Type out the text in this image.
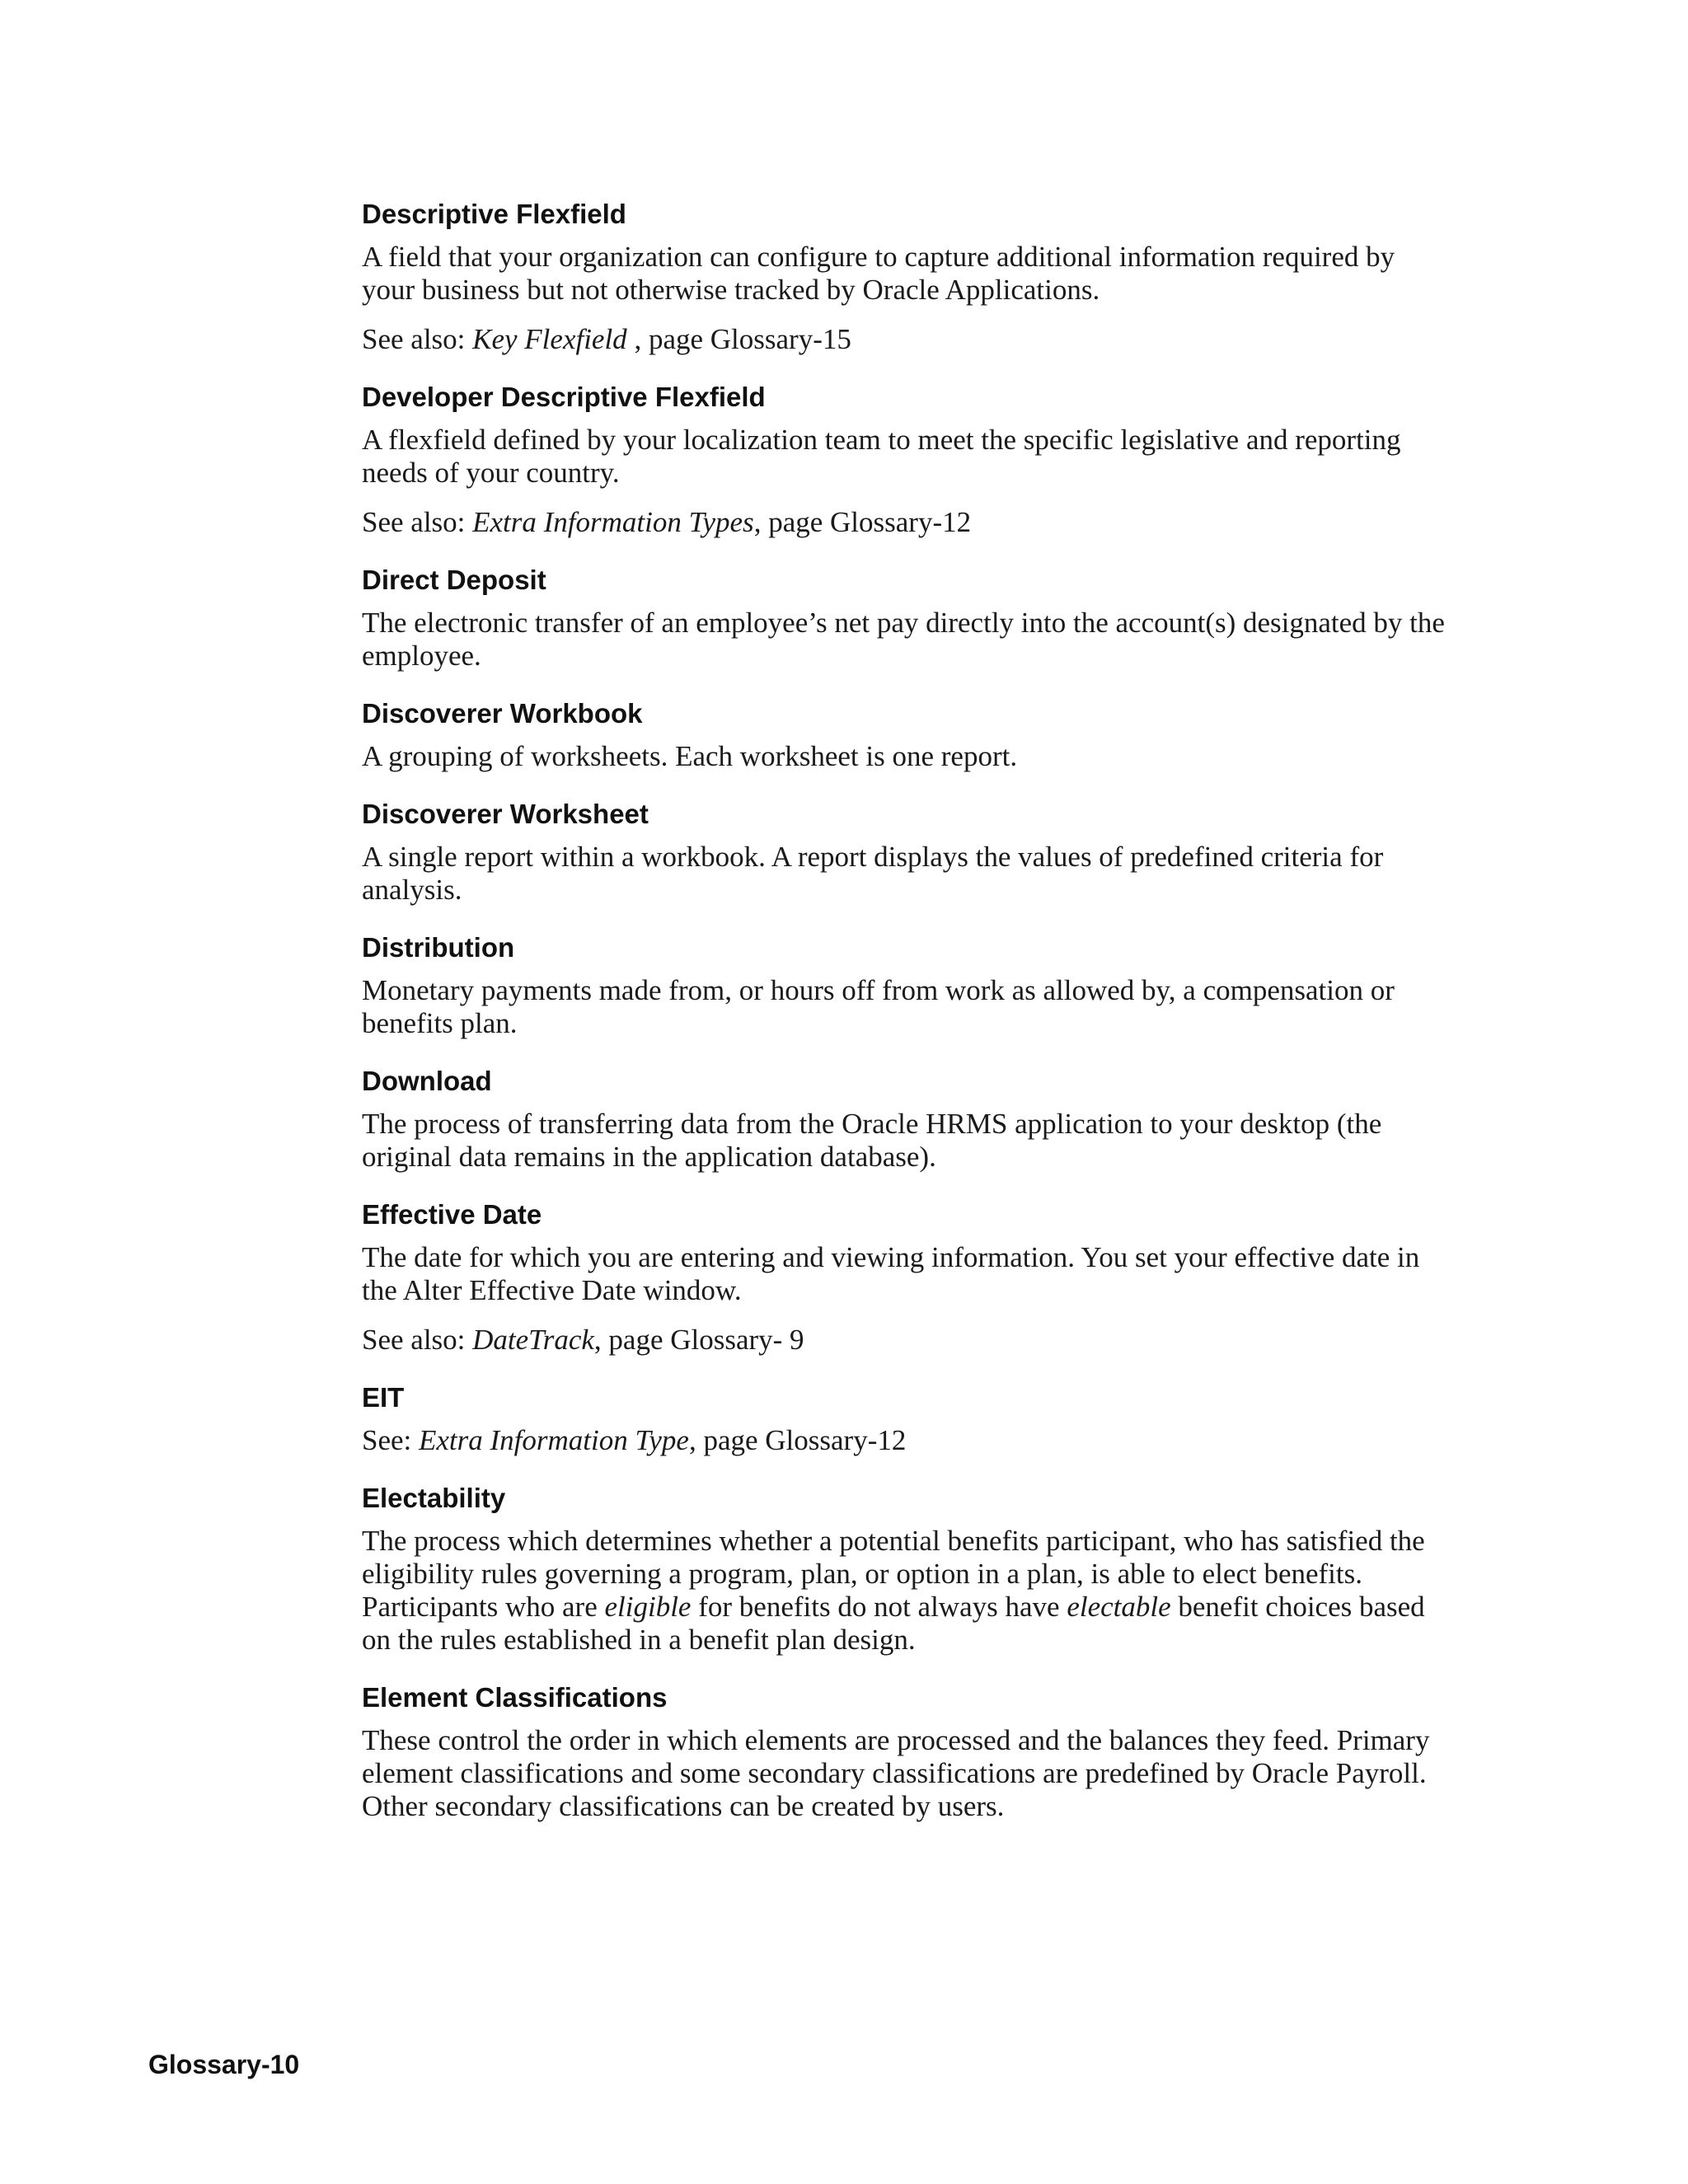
Descriptive Flexfield

A field that your organization can configure to capture additional information required by your business but not otherwise tracked by Oracle Applications.

See also: Key Flexfield , page Glossary-15

Developer Descriptive Flexfield

A flexfield defined by your localization team to meet the specific legislative and reporting needs of your country.

See also: Extra Information Types, page Glossary-12

Direct Deposit

The electronic transfer of an employee’s net pay directly into the account(s) designated by the employee.

Discoverer Workbook

A grouping of worksheets. Each worksheet is one report.

Discoverer Worksheet

A single report within a workbook. A report displays the values of predefined criteria for analysis.

Distribution

Monetary payments made from, or hours off from work as allowed by, a compensation or benefits plan.

Download

The process of transferring data from the Oracle HRMS application to your desktop (the original data remains in the application database).

Effective Date

The date for which you are entering and viewing information. You set your effective date in the Alter Effective Date window.

See also: DateTrack, page Glossary- 9

EIT

See: Extra Information Type, page Glossary-12

Electability

The process which determines whether a potential benefits participant, who has satisfied the eligibility rules governing a program, plan, or option in a plan, is able to elect benefits. Participants who are eligible for benefits do not always have electable benefit choices based on the rules established in a benefit plan design.

Element Classifications

These control the order in which elements are processed and the balances they feed. Primary element classifications and some secondary classifications are predefined by Oracle Payroll. Other secondary classifications can be created by users.

Glossary-10
